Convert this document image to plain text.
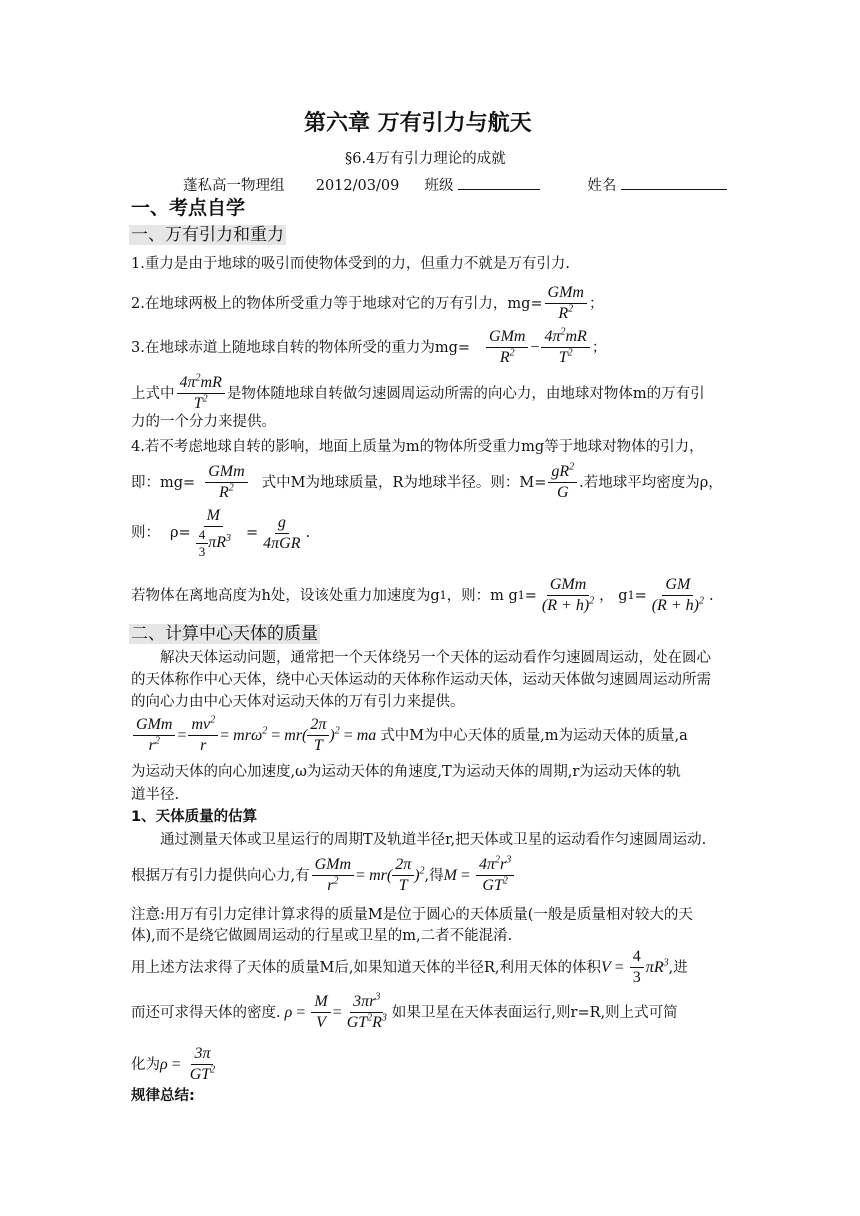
第六章 万有引力与航天
§6.4万有引力理论的成就
蓬私高一物理组 2012/03/09 班级	姓名
一、考点自学
一、万有引力和重力
1.重力是由于地球的吸引而使物体受到的力，但重力不就是万有引力.
2.在地球两极上的物体所受重力等于地球对它的万有引力，$mg= \frac{\text{GMm}}{R^2}$ ；
3.在地球赤道上随地球自转的物体所受的重力为$mg= \frac{\text{GMm}}{R^2} - \frac{4\pi^2mR}{T^2}$ ；
上式中 $\frac{4\pi^2mR}{T^2}$ 是物体随地球自转做匀速圆周运动所需的向心力，由地球对物体m的万有引
力的一个分力来提供。
4.若不考虑地球自转的影响，地面上质量为m的物体所受重力mg等于地球对物体的引力，
即：$mg= \frac{\text{GMm}}{R^2}$ 式中M为地球质量，R为地球半径。则：$M= \frac{gR^2}{G}$ .若地球平均密度为ρ，
则： $\rho= \frac{M}{\frac{4}{3} \pi R^3} = \frac{g}{\text{4πGR}}$ .
若物体在离地高度为h处，设该处重力加速度为g 1 ，则：m g $1 = \frac{\text{GMm}}{(R + h)^2}$ ， g $1 = \frac{GM}{(R + h)^2}$ .
二、计算中心天体的质量
解决天体运动问题，通常把一个天体绕另一个天体的运动看作匀速圆周运动，处在圆心
的天体称作中心天体，绕中心天体运动的天体称作运动天体，运动天体做匀速圆周运动所需
的向心力由中心天体对运动天体的万有引力来提供。
$\frac{\text{GMm}}{r^2} = \frac{mv^2}{r} = mr\omega^2 = mr( \frac{2\pi}{T} )^2$ = ma 式中M为中心天体的质量,m为运动天体的质量,a
为运动天体的向心加速度,ω为运动天体的角速度,T为运动天体的周期,r为运动天体的轨
道半径.
1、天体质量的估算
通过测量天体或卫星运行的周期T及轨道半径r,把天体或卫星的运动看作匀速圆周运动.
根据万有引力提供向心力,有 $\frac{\text{GMm}}{r^2} = mr( \frac{2\pi}{T} )^2$ ,得 $M = \frac{4\pi^2r^3}{GT^2}$
注意:用万有引力定律计算求得的质量M是位于圆心的天体质量(一般是质量相对较大的天
体),而不是绕它做圆周运动的行星或卫星的m,二者不能混淆.
用上述方法求得了天体的质量M后,如果知道天体的半径R,利用天体的体积 $V = \frac{4}{3} \pi R^3$ ,进
而还可求得天体的密度. $\rho = \frac{M}{V} = \frac{3\pi r^3}{GT^2R^3}$ 如果卫星在天体表面运行,则r=R,则上式可简
化为 $\rho = \frac{3\pi}{GT^2}$
规律总结:
